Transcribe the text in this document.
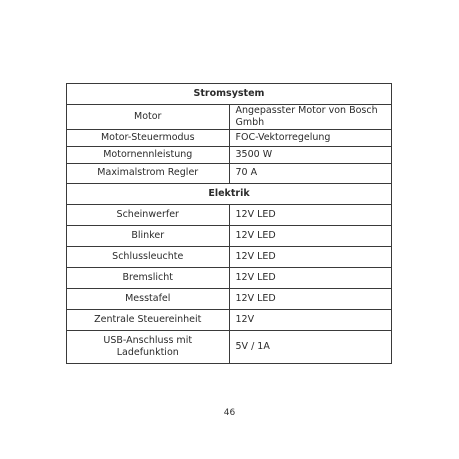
Stromsystem	
Motor	Angepasster Motor von Bosch Gmbh
Motor-Steuermodus	FOC-Vektorregelung
Motornennleistung	3500 W
Maximalstrom Regler	70 A
Elektrik	
Scheinwerfer	12V LED
Blinker	12V LED
Schlussleuchte	12V LED
Bremslicht	12V LED
Messtafel	12V LED
Zentrale Steuereinheit	12V
USB-Anschluss mit Ladefunktion	5V / 1A
46
